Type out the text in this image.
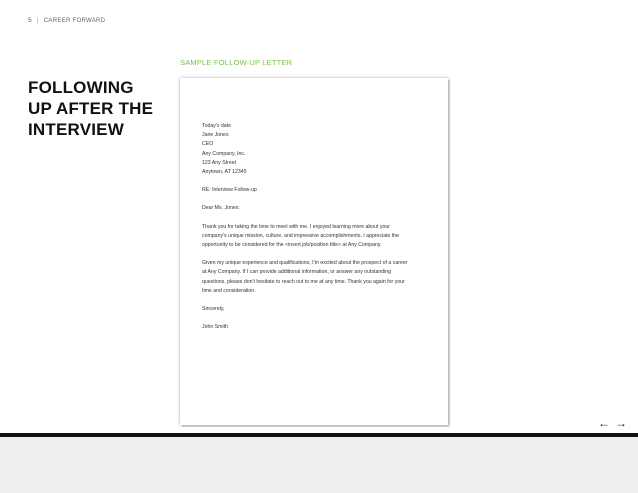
5 | CAREER FORWARD
SAMPLE FOLLOW-UP LETTER
FOLLOWING
UP AFTER THE
INTERVIEW	Today's date
Jane Jones
CEO
Any Company, Inc.
123 Any Street
Anytown, AT 12345
RE: Interview Follow-up
Dear Ms. Jones:
Thank you for taking the time to meet with me. I enjoyed learning more about your
company's unique mission, culture, and impressive accomplishments. I appreciate the
opportunity to be considered for the <insert job/position title> at Any Company.
Given my unique experience and qualifications, I'm excited about the prospect of a career
at Any Company. If I can provide additional information, or answer any outstanding
questions, please don't hesitate to reach out to me at any time. Thank you again for your
time and consideration.
Sincerely,
John Smith
← →
